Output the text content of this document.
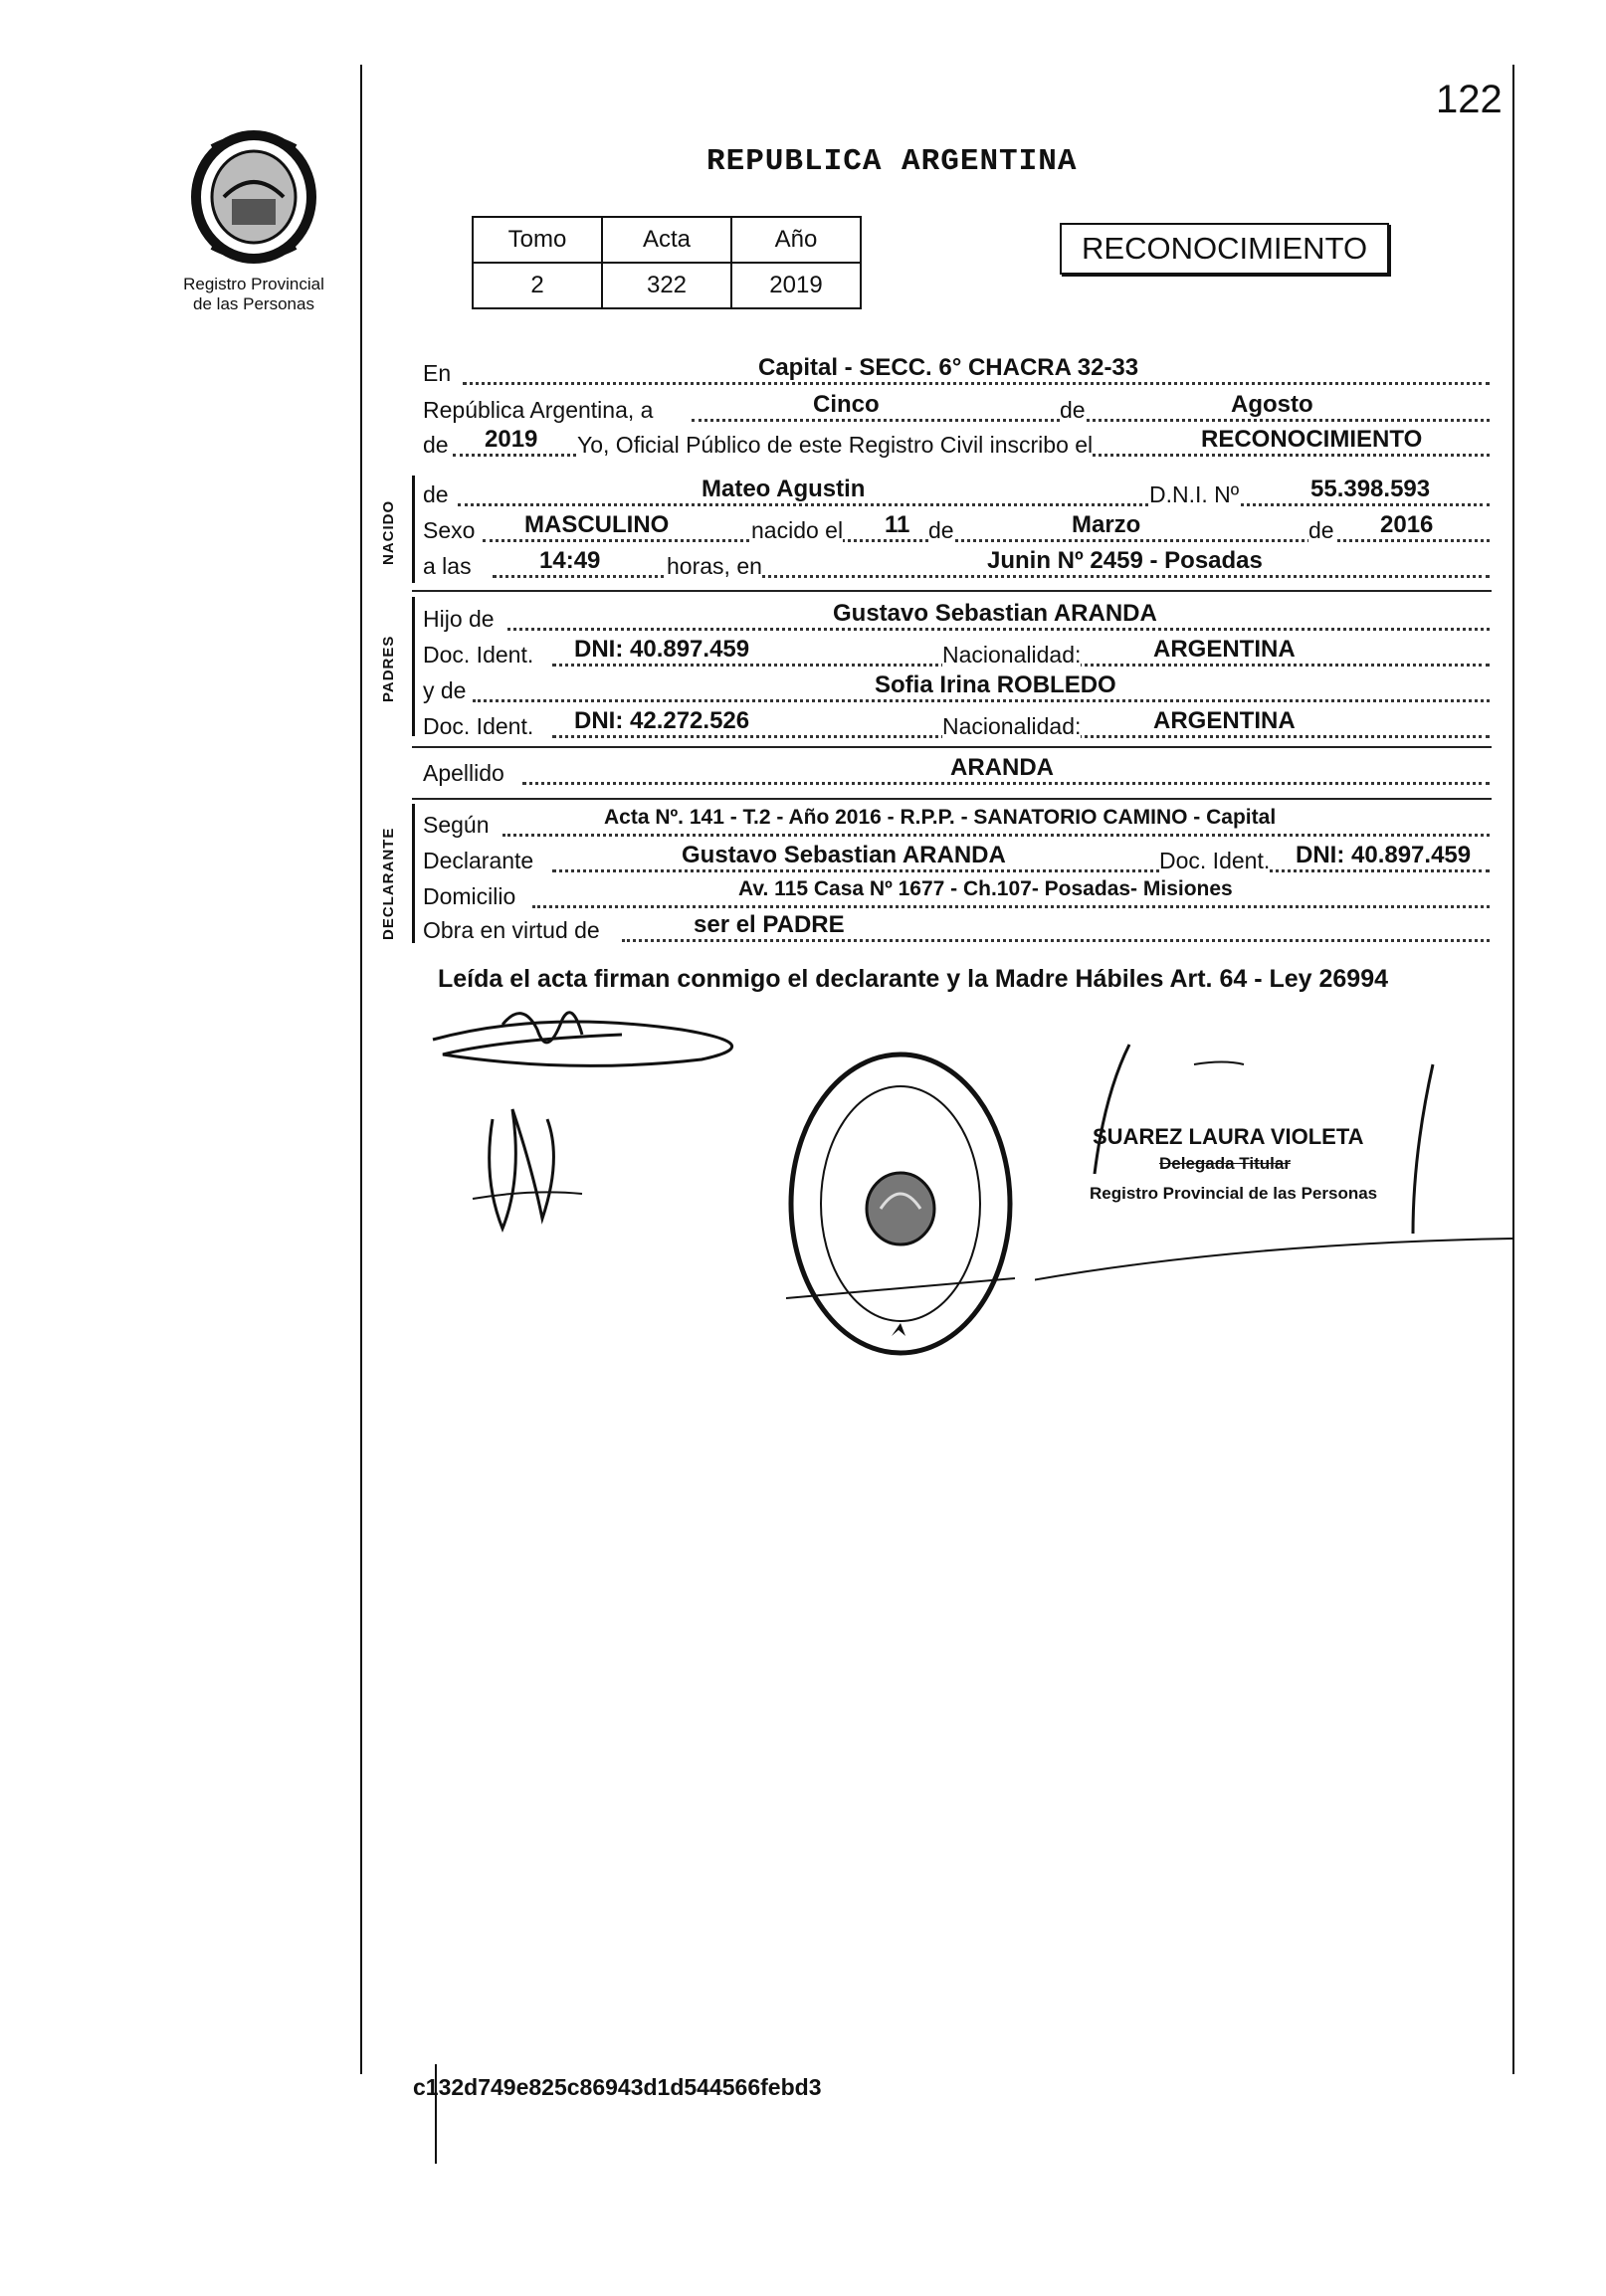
122
Registro Provincial
de las Personas
REPUBLICA ARGENTINA
Tomo	Acta	Año
2	322	2019
RECONOCIMIENTO
En	Capital - SECC. 6° CHACRA 32-33
República Argentina, a	Cinco	de	Agosto
de 2019 Yo, Oficial Público de este Registro Civil inscribo el	RECONOCIMIENTO
NACIDO
de	Mateo Agustin	D.N.I. Nº	55.398.593
Sexo MASCULINO	nacido el 11 de	Marzo	de 2016
a las	14:49	horas, en	Junin Nº 2459 - Posadas
PADRES
Hijo de	Gustavo Sebastian ARANDA
Doc. Ident. DNI: 40.897.459	Nacionalidad:	ARGENTINA
y de	Sofia Irina ROBLEDO
Doc. Ident. DNI: 42.272.526	Nacionalidad:	ARGENTINA
Apellido	ARANDA
DECLARANTE
Según	Acta Nº. 141 - T.2 - Año 2016 - R.P.P. - SANATORIO CAMINO - Capital
Declarante	Gustavo Sebastian ARANDA	Doc. Ident. DNI: 40.897.459
Domicilio	Av. 115 Casa Nº 1677 - Ch.107- Posadas- Misiones
Obra en virtud de	ser el PADRE
Leída el acta firman conmigo el declarante y la Madre Hábiles Art. 64 - Ley 26994
SUAREZ LAURA VIOLETA
Delegada Titular
Registro Provincial de las Personas
c132d749e825c86943d1d544566febd3
